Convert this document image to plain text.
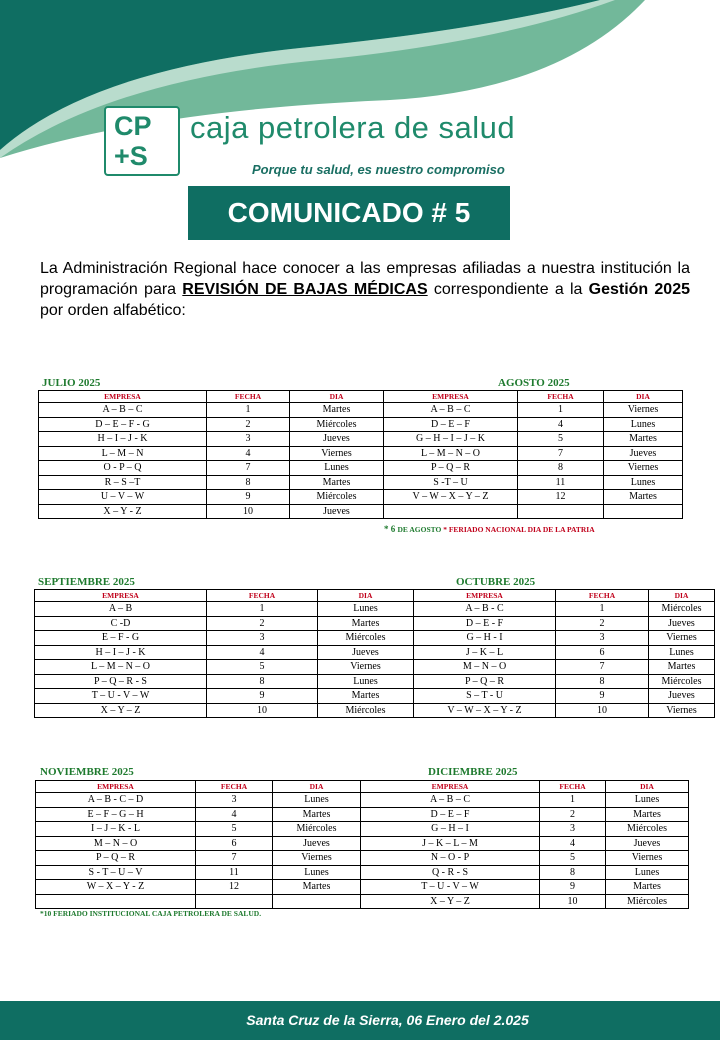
CP
+S
caja petrolera de salud
Porque tu salud, es nuestro compromiso
COMUNICADO # 5
La Administración Regional hace conocer a las empresas afiliadas a nuestra institución la programación para REVISIÓN DE BAJAS MÉDICAS correspondiente a la Gestión 2025 por orden alfabético:
JULIO 2025	AGOSTO 2025
SEPTIEMBRE 2025	OCTUBRE 2025
NOVIEMBRE 2025	DICIEMBRE 2025
EMPRESA	FECHA	DIA	EMPRESA	FECHA	DIA
A – B – C	1	Martes	A – B – C	1	Viernes
D – E – F - G	2	Miércoles	D – E – F	4	Lunes
H – I – J - K	3	Jueves	G – H – I – J – K	5	Martes
L – M – N	4	Viernes	L – M – N – O	7	Jueves
O - P – Q	7	Lunes	P – Q – R	8	Viernes
R – S –T	8	Martes	S -T – U	11	Lunes
U – V – W	9	Miércoles	V – W – X – Y – Z	12	Martes
X – Y - Z	10	Jueves			
EMPRESA	FECHA	DIA	EMPRESA	FECHA	DIA
A – B	1	Lunes	A – B - C	1	Miércoles
C -D	2	Martes	D – E - F	2	Jueves
E – F - G	3	Miércoles	G – H - I	3	Viernes
H – I – J - K	4	Jueves	J – K – L	6	Lunes
L – M – N – O	5	Viernes	M – N – O	7	Martes
P – Q – R - S	8	Lunes	P – Q – R	8	Miércoles
T – U - V – W	9	Martes	S – T - U	9	Jueves
X – Y – Z	10	Miércoles	V – W – X – Y - Z	10	Viernes
EMPRESA	FECHA	DIA	EMPRESA	FECHA	DIA
A – B - C – D	3	Lunes	A – B – C	1	Lunes
E – F – G – H	4	Martes	D – E – F	2	Martes
I – J – K - L	5	Miércoles	G – H – I	3	Miércoles
M – N – O	6	Jueves	J – K – L – M	4	Jueves
P – Q – R	7	Viernes	N – O - P	5	Viernes
S - T – U – V	11	Lunes	Q - R - S	8	Lunes
W – X – Y - Z	12	Martes	T – U - V – W	9	Martes
			X – Y – Z	10	Miércoles
* 6 DE AGOSTO * FERIADO NACIONAL DIA DE LA PATRIA
*10 FERIADO INSTITUCIONAL CAJA PETROLERA DE SALUD.
Santa Cruz de la Sierra, 06 Enero del 2.025
